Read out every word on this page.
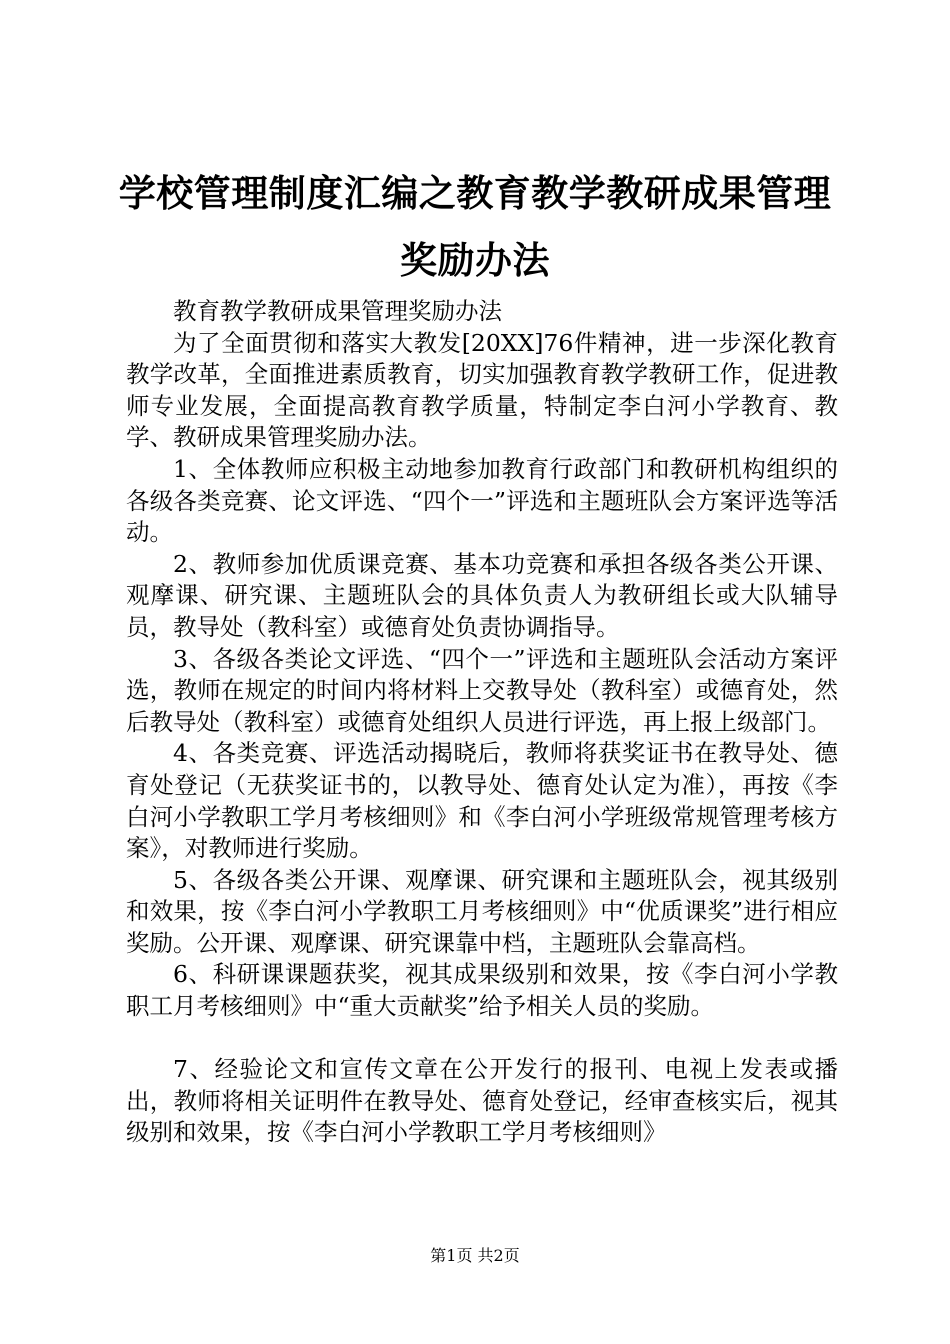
学校管理制度汇编之教育教学教研成果管理奖励办法

教育教学教研成果管理奖励办法

为了全面贯彻和落实大教发[20XX]76件精神，进一步深化教育教学改革，全面推进素质教育，切实加强教育教学教研工作，促进教师专业发展，全面提高教育教学质量，特制定李白河小学教育、教学、教研成果管理奖励办法。

1、全体教师应积极主动地参加教育行政部门和教研机构组织的各级各类竞赛、论文评选、“四个一”评选和主题班队会方案评选等活动。

2、教师参加优质课竞赛、基本功竞赛和承担各级各类公开课、观摩课、研究课、主题班队会的具体负责人为教研组长或大队辅导员，教导处（教科室）或德育处负责协调指导。

3、各级各类论文评选、“四个一”评选和主题班队会活动方案评选，教师在规定的时间内将材料上交教导处（教科室）或德育处，然后教导处（教科室）或德育处组织人员进行评选，再上报上级部门。

4、各类竞赛、评选活动揭晓后，教师将获奖证书在教导处、德育处登记（无获奖证书的，以教导处、德育处认定为准），再按《李白河小学教职工学月考核细则》和《李白河小学班级常规管理考核方案》，对教师进行奖励。

5、各级各类公开课、观摩课、研究课和主题班队会，视其级别和效果，按《李白河小学教职工月考核细则》中“优质课奖”进行相应奖励。公开课、观摩课、研究课靠中档，主题班队会靠高档。

6、科研课课题获奖，视其成果级别和效果，按《李白河小学教职工月考核细则》中“重大贡献奖”给予相关人员的奖励。

7、经验论文和宣传文章在公开发行的报刊、电视上发表或播出，教师将相关证明件在教导处、德育处登记，经审查核实后，视其级别和效果，按《李白河小学教职工学月考核细则》

第1页 共2页
